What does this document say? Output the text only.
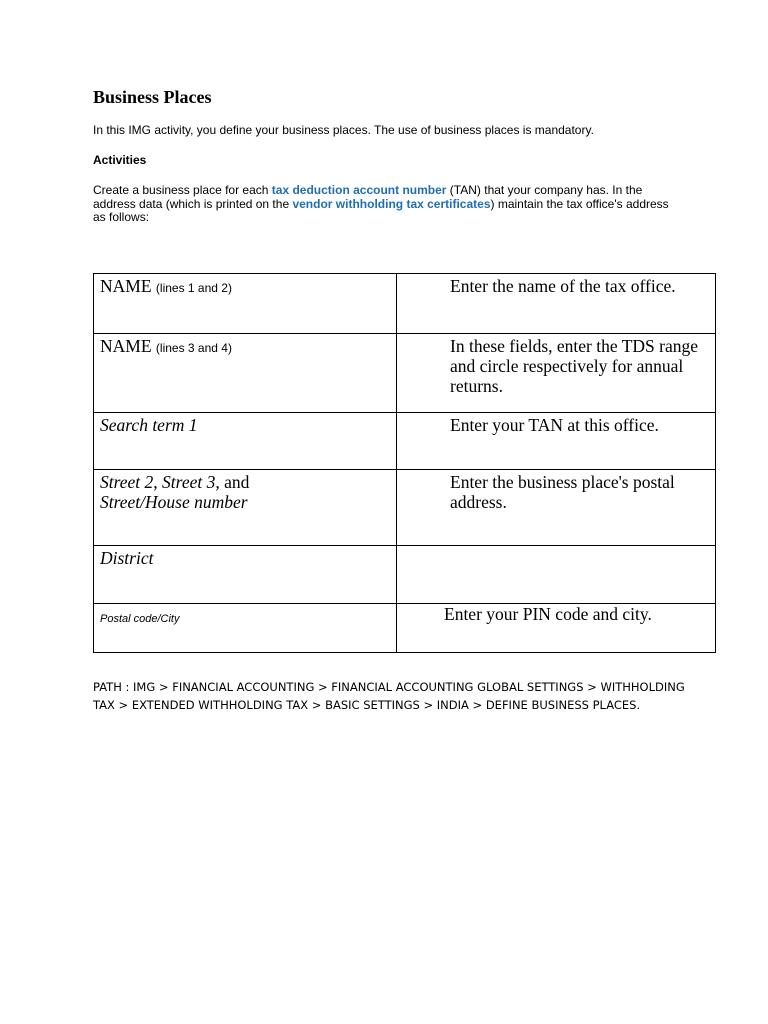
Business Places

In this IMG activity, you define your business places. The use of business places is mandatory.

Activities

Create a business place for each tax deduction account number (TAN) that your company has. In the address data (which is printed on the vendor withholding tax certificates) maintain the tax office's address as follows:

NAME (lines 1 and 2)	Enter the name of the tax office.
NAME (lines 3 and 4)	In these fields, enter the TDS range and circle respectively for annual returns.
Search term 1	Enter your TAN at this office.
Street 2, Street 3, and
Street/House number	Enter the business place's postal address.
District	
Postal code/City	Enter your PIN code and city.

PATH : IMG > FINANCIAL ACCOUNTING > FINANCIAL ACCOUNTING GLOBAL SETTINGS > WITHHOLDING TAX > EXTENDED WITHHOLDING TAX > BASIC SETTINGS > INDIA > DEFINE BUSINESS PLACES.
